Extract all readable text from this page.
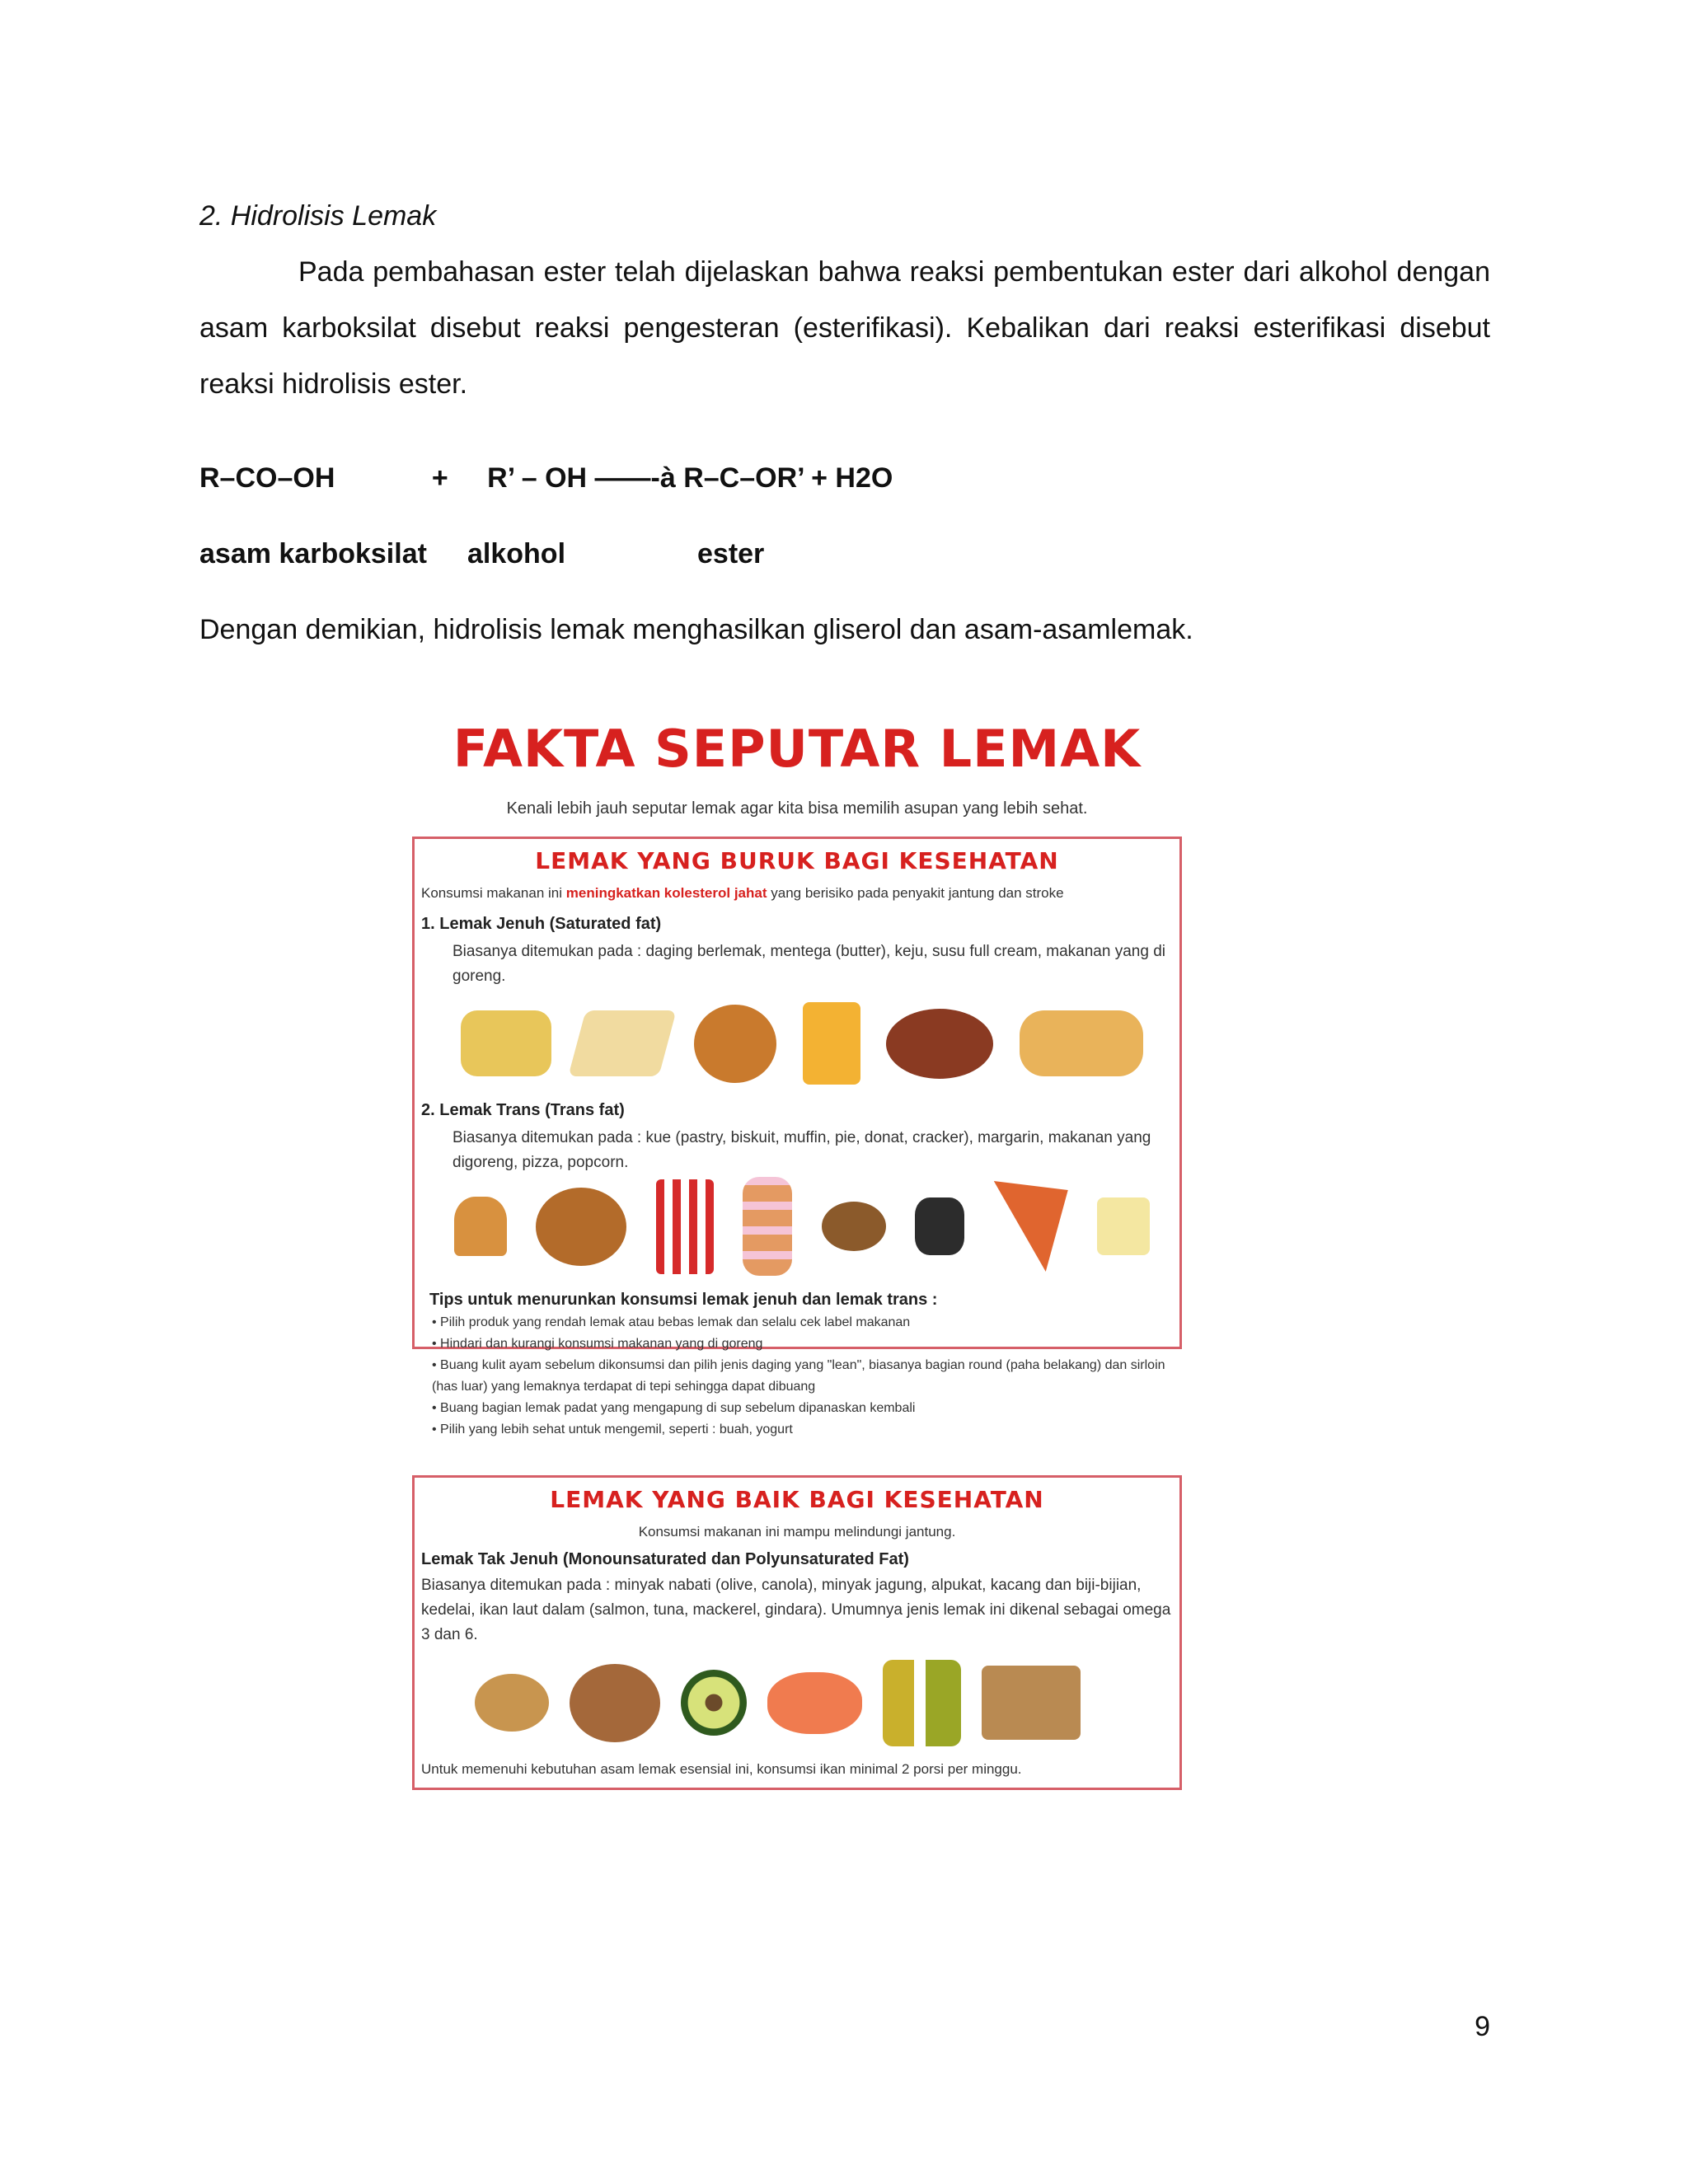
2. Hidrolisis Lemak
Pada pembahasan ester telah dijelaskan bahwa reaksi pembentukan ester dari alkohol dengan asam karboksilat disebut reaksi pengesteran (esterifikasi). Kebalikan dari reaksi esterifikasi disebut reaksi hidrolisis ester.
R–CO–OH	+ R’ – OH ——-à R–C–OR’ + H2O
asam karboksilat alkohol	ester
Dengan demikian, hidrolisis lemak menghasilkan gliserol dan asam-asamlemak.
FAKTA SEPUTAR LEMAK
Kenali lebih jauh seputar lemak agar kita bisa memilih asupan yang lebih sehat.
LEMAK YANG BURUK BAGI KESEHATAN
Konsumsi makanan ini meningkatkan kolesterol jahat yang berisiko pada penyakit jantung dan stroke
1. Lemak Jenuh (Saturated fat)
Biasanya ditemukan pada : daging berlemak, mentega (butter), keju, susu full cream, makanan yang di goreng.
2. Lemak Trans (Trans fat)
Biasanya ditemukan pada : kue (pastry, biskuit, muffin, pie, donat, cracker), margarin, makanan yang digoreng, pizza, popcorn.
Tips untuk menurunkan konsumsi lemak jenuh dan lemak trans :
• Pilih produk yang rendah lemak atau bebas lemak dan selalu cek label makanan
• Hindari dan kurangi konsumsi makanan yang di goreng
• Buang kulit ayam sebelum dikonsumsi dan pilih jenis daging yang "lean", biasanya bagian round (paha belakang) dan sirloin (has luar) yang lemaknya terdapat di tepi sehingga dapat dibuang
• Buang bagian lemak padat yang mengapung di sup sebelum dipanaskan kembali
• Pilih yang lebih sehat untuk mengemil, seperti : buah, yogurt
LEMAK YANG BAIK BAGI KESEHATAN
Konsumsi makanan ini mampu melindungi jantung.
Lemak Tak Jenuh (Monounsaturated dan Polyunsaturated Fat)
Biasanya ditemukan pada : minyak nabati (olive, canola), minyak jagung, alpukat, kacang dan biji-bijian, kedelai, ikan laut dalam (salmon, tuna, mackerel, gindara). Umumnya jenis lemak ini dikenal sebagai omega 3 dan 6.
Untuk memenuhi kebutuhan asam lemak esensial ini, konsumsi ikan minimal 2 porsi per minggu.
9
